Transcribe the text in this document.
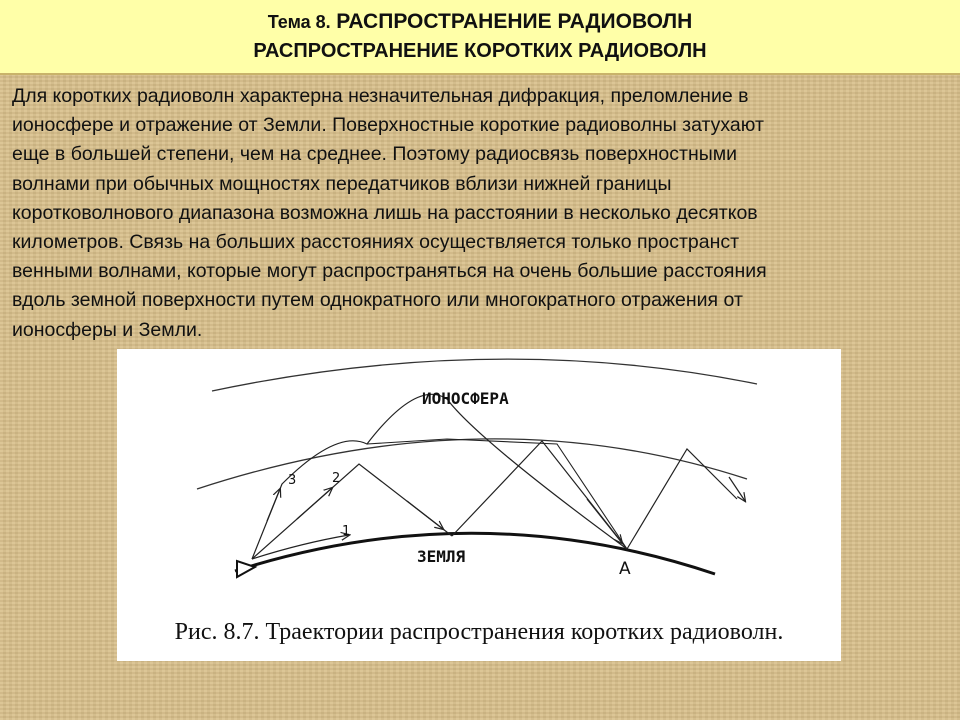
Тема 8. РАСПРОСТРАНЕНИЕ РАДИОВОЛН
РАСПРОСТРАНЕНИЕ КОРОТКИХ РАДИОВОЛН
Для коротких радиоволн характерна незначительная дифракция, преломление в
ионосфере и отражение от Земли. Поверхностные короткие радиоволны затухают
еще в большей степени, чем на среднее. Поэтому радиосвязь поверхностными
волнами при обычных мощностях передатчиков вблизи нижней границы
коротковолнового диапазона возможна лишь на расстоянии в несколько десятков
километров. Связь на больших расстояниях осуществляется только пространст
венными волнами, которые могут распространяться на очень большие расстояния
вдоль земной поверхности путем однократного или многократного отражения от
ионосферы и Земли.
ИОНОСФЕРА
ЗЕМЛЯ
А
1
2
3
Рис. 8.7. Траектории распространения коротких радиоволн.
